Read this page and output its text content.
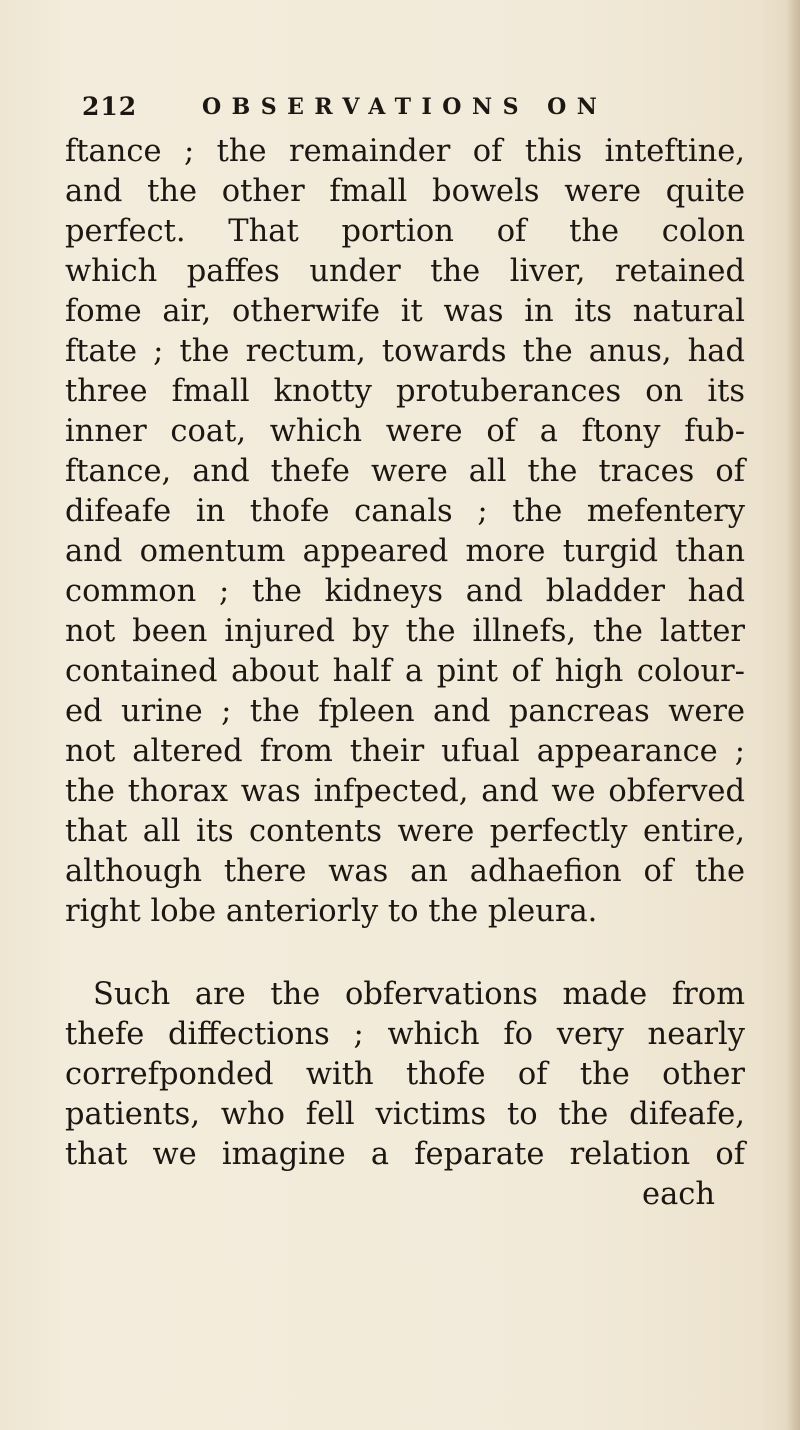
212	OBSERVATIONS ON
ftance ; the remainder of this inteftine,
and the other fmall bowels were quite
perfect. That portion of the colon
which paffes under the liver, retained
fome air, otherwife it was in its natural
ftate ; the rectum, towards the anus, had
three fmall knotty protuberances on its
inner coat, which were of a ftony fub-
ftance, and thefe were all the traces of
difeafe in thofe canals ; the mefentery
and omentum appeared more turgid than
common ; the kidneys and bladder had
not been injured by the illnefs, the latter
contained about half a pint of high colour-
ed urine ; the fpleen and pancreas were
not altered from their ufual appearance ;
the thorax was infpected, and we obferved
that all its contents were perfectly entire,
although there was an adhaefion of the
right lobe anteriorly to the pleura.
Such are the obfervations made from
thefe diffections ; which fo very nearly
correfponded with thofe of the other
patients, who fell victims to the difeafe,
that we imagine a feparate relation of
each
